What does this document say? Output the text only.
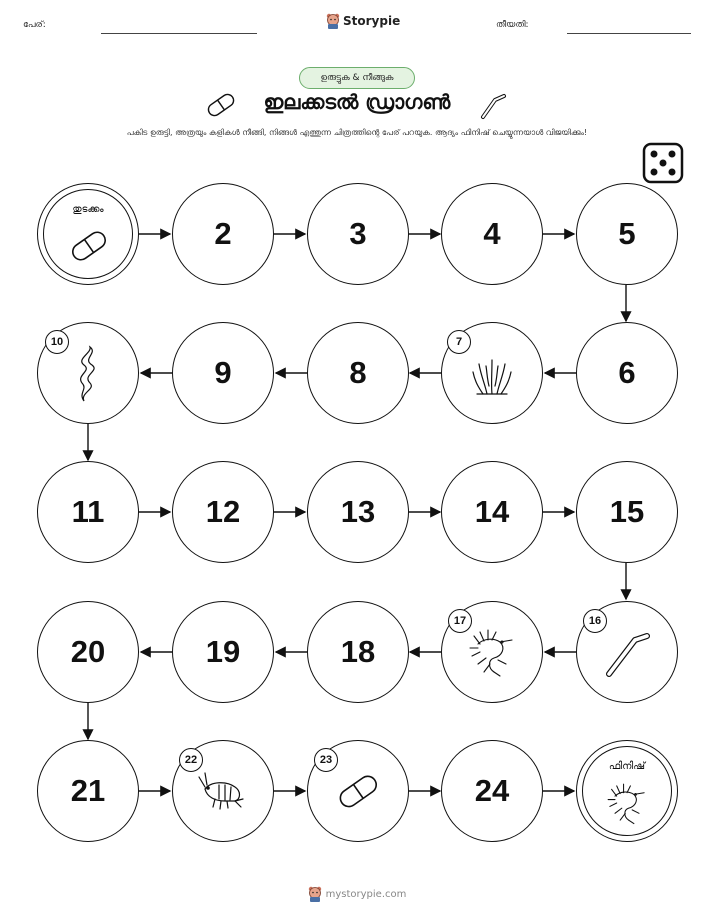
പേര്:	Storypie	തീയതി:
ഉരുട്ടുക & നീങ്ങുക
ഇലക്കടൽ ഡ്രാഗൺ
പകിട ഉരുട്ടി, അത്രയും കളികൾ നീങ്ങി, നിങ്ങൾ എത്തുന്ന ചിത്രത്തിന്റെ പേര് പറയുക. ആദ്യം ഫിനിഷ് ചെയ്യുന്നയാൾ വിജയിക്കും!
തുടക്കം
2	3	4	5
6
7
8
9
10
11	12	13	14	15
16
17
18
19
20
21
22	23
24
ഫിനിഷ്
mystorypie.com
